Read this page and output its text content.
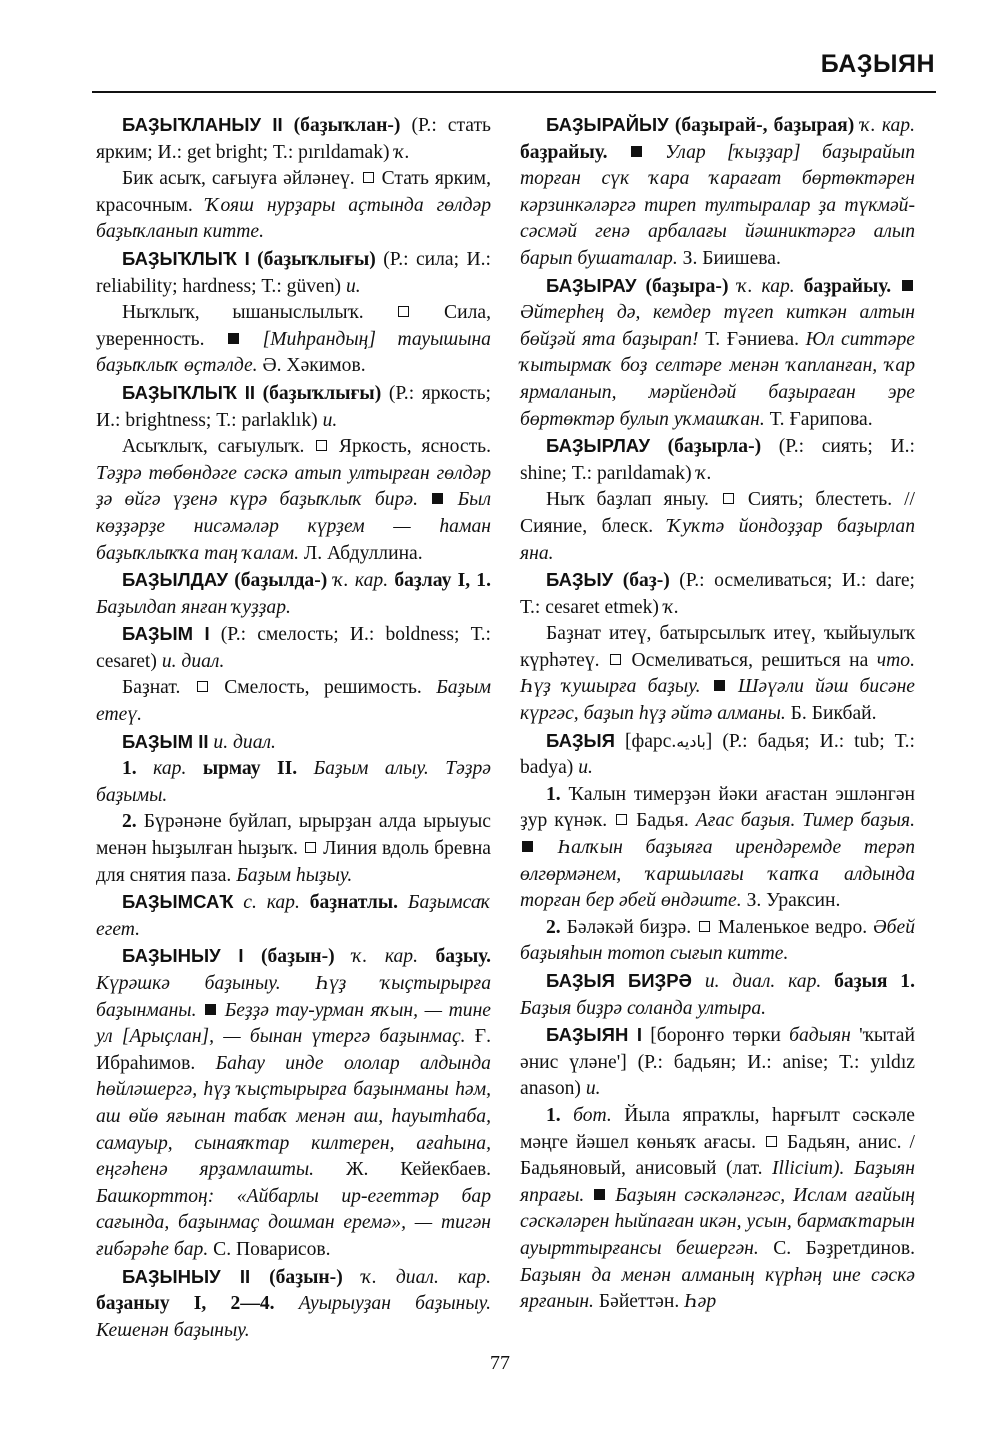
БАҘЫЯН

БАҘЫҠЛАНЫУ II (баҙыҡлан-) (Р.: стать ярким; И.: get bright; Т.: pırıldamak) ҡ.

Бик асыҡ, сағыуға әйләнеү. Стать ярким, красочным. Ҡояш нурҙары аҫтында гөлдәр баҙыҡланып китте.

БАҘЫҠЛЫҠ I (баҙыҡлығы) (Р.: сила; И.: reliability; hardness; Т.: güven) и.

Ныҡлыҡ, ышаныслылыҡ.	Сила, уверенность.	[Миһрандың] тауышына баҙыҡлыҡ өҫтәлде. Ә. Хәкимов.

БАҘЫҠЛЫҠ II (баҙыҡлығы) (Р.: яркость; И.: brightness; Т.: parlaklık) и.

Асыҡлыҡ, сағыулыҡ. Яркость, ясность. Тәҙрә төбөндәге сәскә атып ултырған гөлдәр ҙә өйгә үҙенә күрә баҙыҡлыҡ бирә. Был көҙҙәрҙе нисәмәләр күрҙем — һаман баҙыҡлыҡҡа таң ҡалам. Л. Абдуллина.

БАҘЫЛДАУ (баҙылда-) ҡ. кар. баҙлау I, 1. Баҙылдап янған ҡуҙҙар.

БАҘЫМ I (Р.: смелость; И.: boldness; Т.: cesaret) и. диал.

Баҙнат. Смелость, решимость. Баҙым етеү.

БАҘЫМ II и. диал.

1. кар. ырмау II. Баҙым алыу. Тәҙрә баҙымы.

2. Бүрәнәне буйлап, ырырҙан алда ырыуыс менән һыҙылған һыҙыҡ. Линия вдоль бревна для снятия паза. Баҙым һыҙыу.

БАҘЫМСАҠ с. кар. баҙнатлы. Баҙымсаҡ егет.

БАҘЫНЫУ I (баҙын-) ҡ. кар. баҙыу. Күрәшкә баҙыныу. Һүҙ ҡыҫтырырға баҙынманы. Беҙҙә тау-урман яҡын, — тине ул [Арыҫлан], — бынан үтергә баҙынмаҫ. Ғ. Ибраһимов. Баһау инде ололар алдында һөйләшергә, һүҙ ҡыҫтырырға баҙынманы һәм, аш өйө яғынан табаҡ менән аш, һауытһаба, самауыр, сынаяҡтар килтерен, ағаһына, еңгәһенә ярҙамлашты. Ж. Кейекбаев. Башкорттоң: «Айбарлы ир-егеттәр бар сағында, баҙынмаҫ дошман еремә», — тигән ғибәрәһе бар. С. Поварисов.

БАҘЫНЫУ II (баҙын-) ҡ. диал. кар. баҙаныу I, 2—4. Ауырыуҙан баҙыныу. Кешенән баҙыныу.

БАҘЫРАЙЫУ (баҙырай-, баҙырая) ҡ. кар. баҙрайыу.	Улар [ҡыҙҙар] баҙырайып торған сүк ҡара ҡарағат бөртөктәрен кәрзинкәләргә тиреп тултыралар ҙа түкмәй-сәсмәй генә арбалағы йәшниктәргә алып барып бушаталар. З. Биишева.

БАҘЫРАУ (баҙыра-) ҡ. кар. баҙрайыу.  Әйтерһең дә, кемдер түгеп киткән алтын бөйҙәй ята баҙырап! Т. Ғәниева. Юл ситтәре ҡытырмаҡ боҙ селтәре менән ҡапланған, ҡар ярмаланып, мәрйендәй баҙыраған эре бөртөктәр булып уҡмашҡан. Т. Ғарипова.

БАҘЫРЛАУ (баҙырла-) (Р.: сиять; И.: shine; Т.: parıldamak) ҡ.

Ныҡ баҙлап яныу. Сиять; блестеть. // Сияние, блеск. Ҡуҡтә йондоҙҙар баҙырлап яна.

БАҘЫУ (баҙ-) (Р.: осмеливаться; И.: dare; Т.: cesaret etmek) ҡ.

Баҙнат итеү, батырсылыҡ итеү, ҡыйыулыҡ күрһәтеү. Осмеливаться, решиться на что. Һүҙ ҡушырға баҙыу. Шәүәли йәш бисәне күргәс, баҙып һүҙ әйтә алманы. Б. Бикбай.

БАҘЫЯ [фарс.باديه] (Р.: бадья; И.: tub; Т.: badya) и.

1. Ҡалын тимерҙән йәки ағастан эшләнгән ҙур күнәк. Бадья. Ағас баҙыя. Тимер баҙыя.  Һалҡын баҙыяға ирендәремде терәп өлгөрмәнем, ҡаршылағы ҡапҡа алдында торған бер әбей өндәште. З. Ураксин.

2. Бәләкәй биҙрә. Маленькое ведро. Әбей баҙыяһын тотоп сығып китте.

БАҘЫЯ БИҘРӘ и. диал. кар. баҙыя 1. Баҙыя биҙрә соланда ултыра.

БАҘЫЯН I [боронғо төрки бадыян 'ҡытай әнис үләне'] (Р.: бадьян; И.: anise; Т.: yıldız anason) и.

1. бот. Йыла япраҡлы, һарғылт сәскәле мәңге йәшел көньяҡ ағасы. Бадьян, анис. / Бадьяновый, анисовый (лат. Illicium). Баҙыян япрағы. Баҙыян сәскәләнгәс, Ислам ағайың сәскәләрен һыйпаған икән, усын, бармаҡтарын ауырттырғансы бешергән. С. Бәҙретдинов. Баҙыян да менән алманың күрһәң ине сәскә ярғанын. Бәйеттән. Һәр

77
